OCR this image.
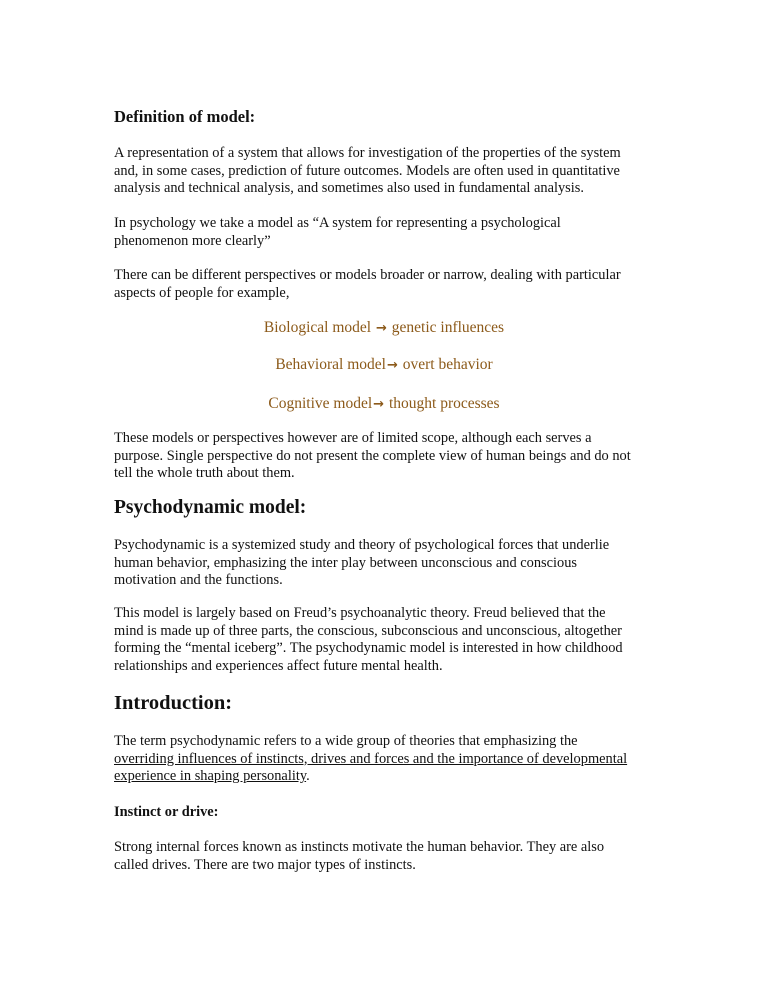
Definition of model:

A representation of a system that allows for investigation of the properties of the system
and, in some cases, prediction of future outcomes. Models are often used in quantitative
analysis and technical analysis, and sometimes also used in fundamental analysis.

In psychology we take a model as “A system for representing a psychological
phenomenon more clearly”

There can be different perspectives or models broader or narrow, dealing with particular
aspects of people for example,

Biological model → genetic influences

Behavioral model→ overt behavior

Cognitive model→ thought processes

These models or perspectives however are of limited scope, although each serves a
purpose. Single perspective do not present the complete view of human beings and do not
tell the whole truth about them.

Psychodynamic model:

Psychodynamic is a systemized study and theory of psychological forces that underlie
human behavior, emphasizing the inter play between unconscious and conscious
motivation and the functions.

This model is largely based on Freud’s psychoanalytic theory. Freud believed that the
mind is made up of three parts, the conscious, subconscious and unconscious, altogether
forming the “mental iceberg”. The psychodynamic model is interested in how childhood
relationships and experiences affect future mental health.

Introduction:

The term psychodynamic refers to a wide group of theories that emphasizing the
overriding influences of instincts, drives and forces and the importance of developmental
experience in shaping personality.

Instinct or drive:

Strong internal forces known as instincts motivate the human behavior. They are also
called drives. There are two major types of instincts.
